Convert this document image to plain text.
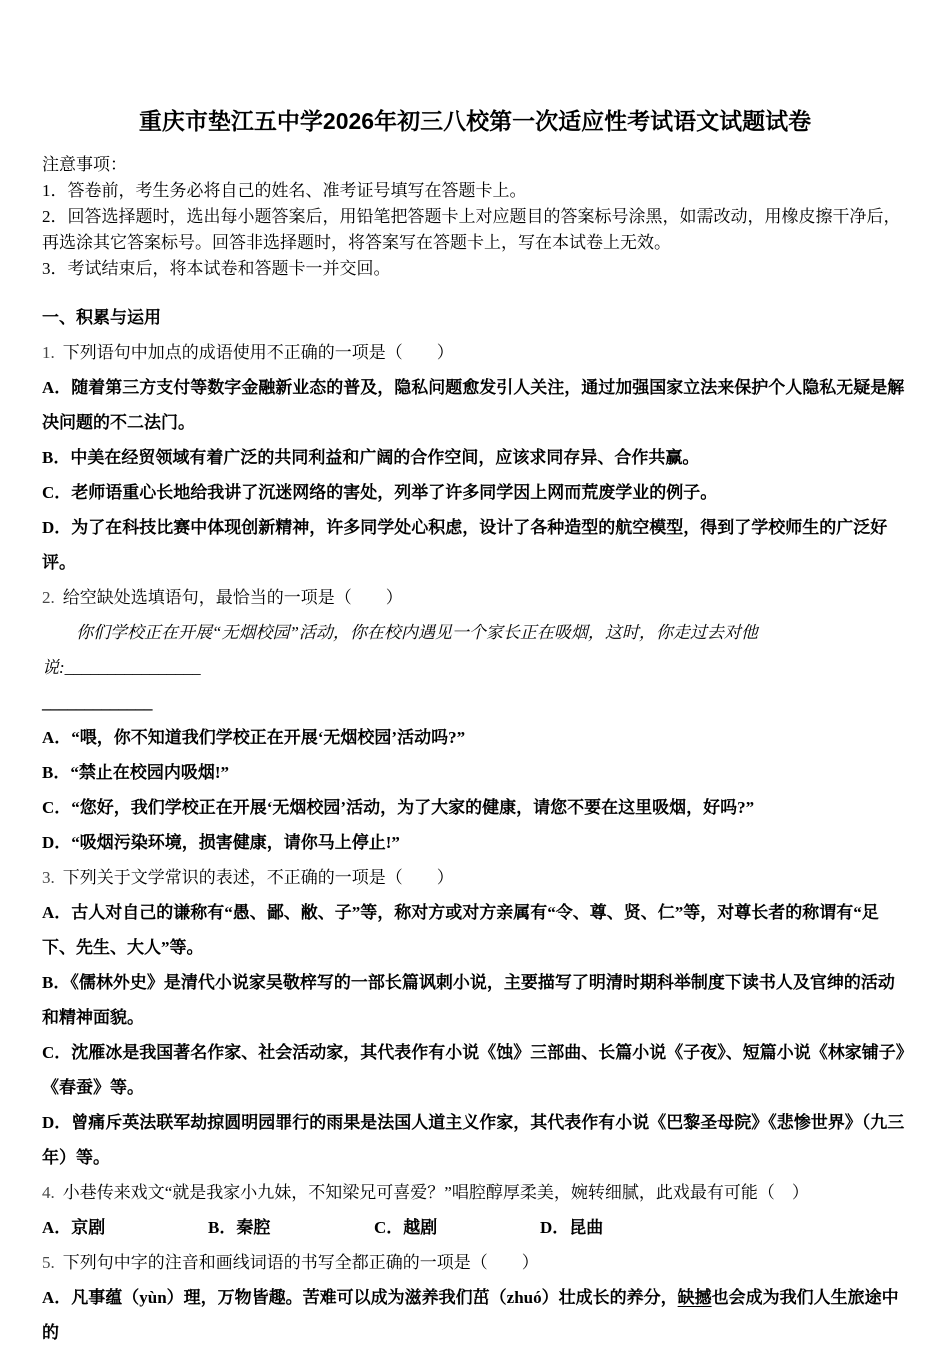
重庆市垫江五中学2026年初三八校第一次适应性考试语文试题试卷

注意事项：

1．答卷前，考生务必将自己的姓名、准考证号填写在答题卡上。

2．回答选择题时，选出每小题答案后，用铅笔把答题卡上对应题目的答案标号涂黑，如需改动，用橡皮擦干净后，再选涂其它答案标号。回答非选择题时，将答案写在答题卡上，写在本试卷上无效。

3．考试结束后，将本试卷和答题卡一并交回。

一、积累与运用

1. 下列语句中加点的成语使用不正确的一项是（　　）

A．随着第三方支付等数字金融新业态的普及，隐私问题愈发引人关注，通过加强国家立法来保护个人隐私无疑是解决问题的不二法门。

B．中美在经贸领域有着广泛的共同利益和广阔的合作空间，应该求同存异、合作共赢。

C．老师语重心长地给我讲了沉迷网络的害处，列举了许多同学因上网而荒废学业的例子。

D．为了在科技比赛中体现创新精神，许多同学处心积虑，设计了各种造型的航空模型，得到了学校师生的广泛好评。

2. 给空缺处选填语句，最恰当的一项是（　　）

你们学校正在开展“无烟校园”活动，你在校内遇见一个家长正在吸烟，这时，你走过去对他说:________________

_____________

A．“喂，你不知道我们学校正在开展‘无烟校园’活动吗?”

B．“禁止在校园内吸烟!”

C．“您好，我们学校正在开展‘无烟校园’活动，为了大家的健康，请您不要在这里吸烟，好吗?”

D．“吸烟污染环境，损害健康，请你马上停止!”

3. 下列关于文学常识的表述，不正确的一项是（　　）

A．古人对自己的谦称有“愚、鄙、敝、子”等，称对方或对方亲属有“令、尊、贤、仁”等，对尊长者的称谓有“足下、先生、大人”等。

B．《儒林外史》是清代小说家吴敬梓写的一部长篇讽刺小说，主要描写了明清时期科举制度下读书人及官绅的活动和精神面貌。

C．沈雁冰是我国著名作家、社会活动家，其代表作有小说《蚀》三部曲、长篇小说《子夜》、短篇小说《林家铺子》《春蚕》等。

D．曾痛斥英法联军劫掠圆明园罪行的雨果是法国人道主义作家，其代表作有小说《巴黎圣母院》《悲惨世界》（九三年）等。

4. 小巷传来戏文“就是我家小九妹，不知梁兄可喜爱？”唱腔醇厚柔美，婉转细腻，此戏最有可能（　）

A．京剧	B．秦腔	C．越剧	D．昆曲

5. 下列句中字的注音和画线词语的书写全都正确的一项是（　　）

A．凡事蕴（yùn）理，万物皆趣。苦难可以成为滋养我们茁（zhuó）壮成长的养分，缺撼也会成为我们人生旅途中的
